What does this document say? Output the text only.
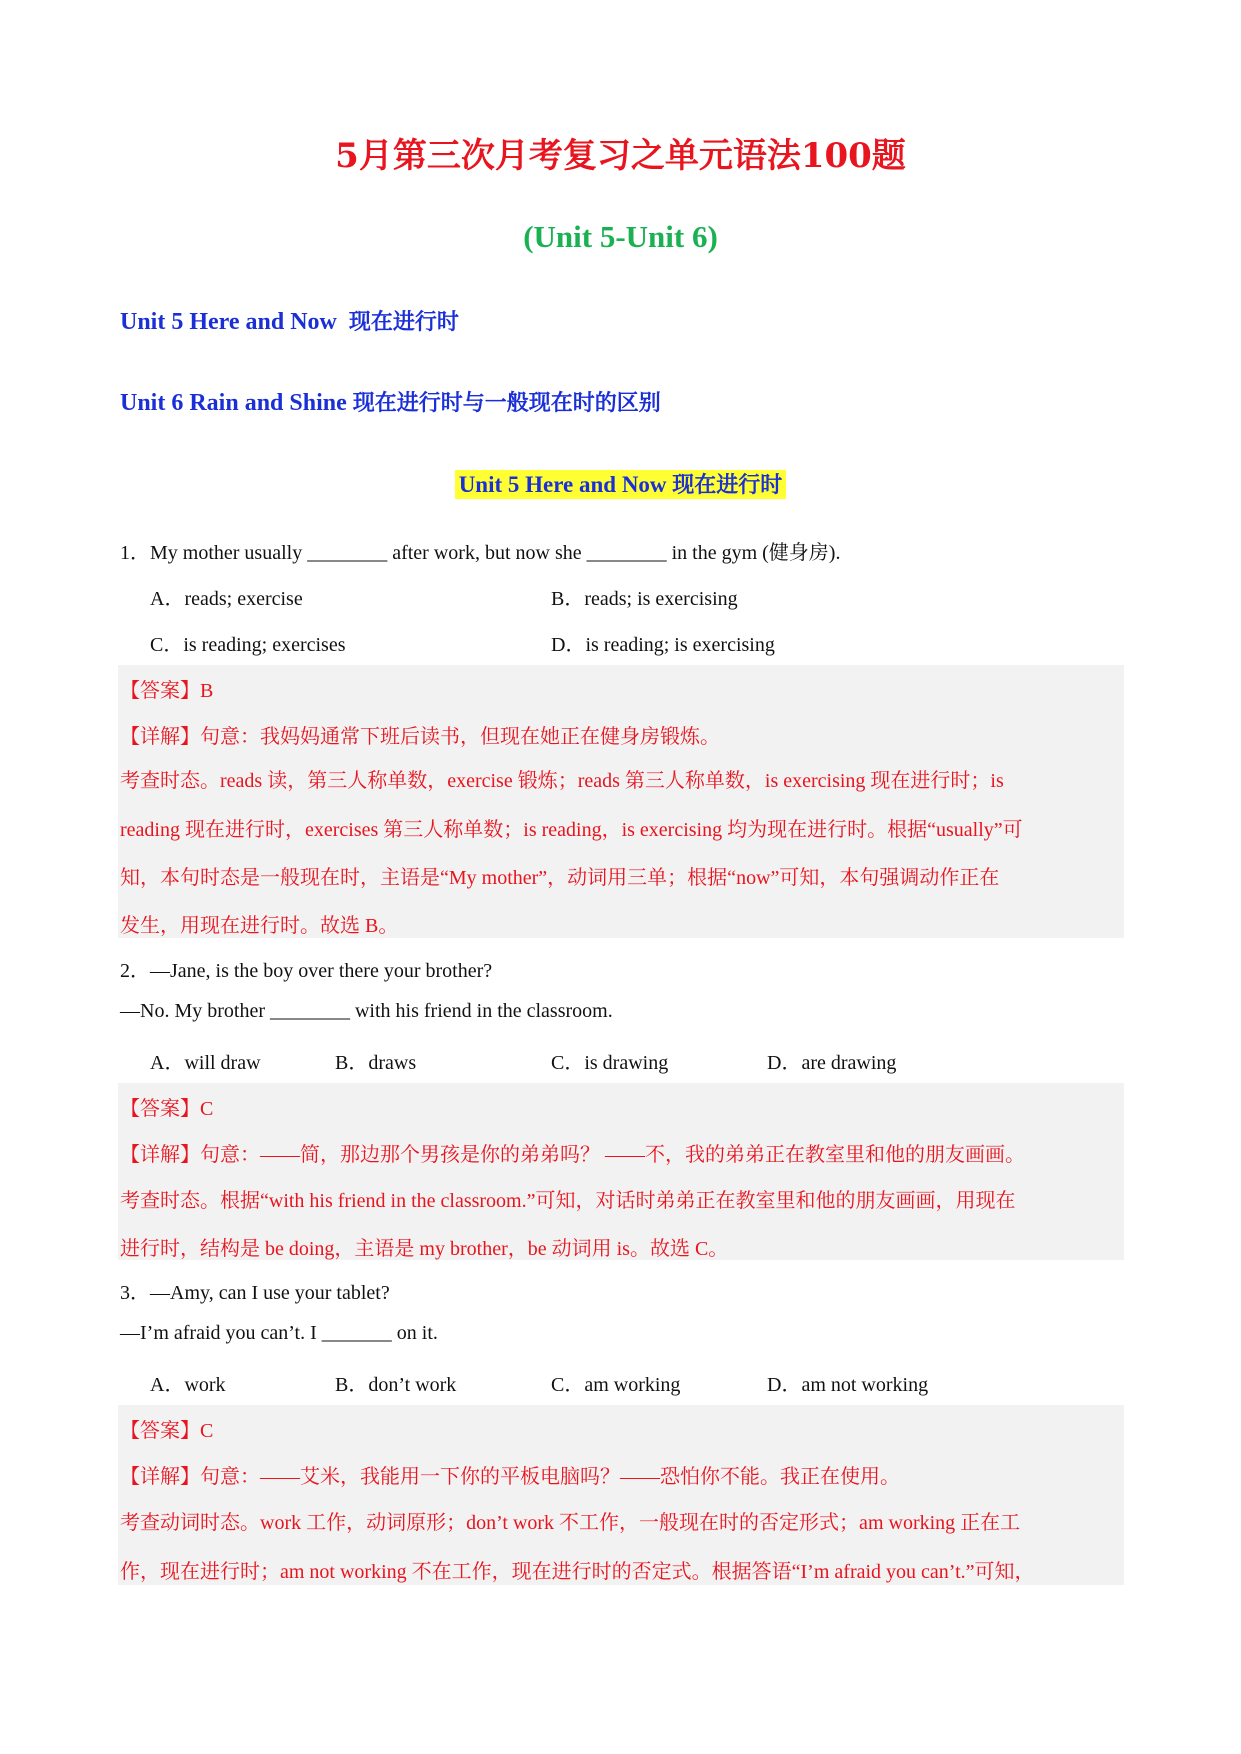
5月第三次月考复习之单元语法100题
(Unit 5-Unit 6)
Unit 5 Here and Now 现在进行时
Unit 6 Rain and Shine 现在进行时与一般现在时的区别
Unit 5 Here and Now 现在进行时
1．My mother usually ________ after work, but now she ________ in the gym (健身房).
A．reads; exercise	B．reads; is exercising
C．is reading; exercises	D．is reading; is exercising
【答案】B
【详解】句意：我妈妈通常下班后读书，但现在她正在健身房锻炼。
考查时态。reads 读，第三人称单数，exercise 锻炼；reads 第三人称单数，is exercising 现在进行时；is
reading 现在进行时，exercises 第三人称单数；is reading，is exercising 均为现在进行时。根据“usually”可
知，本句时态是一般现在时，主语是“My mother”，动词用三单；根据“now”可知，本句强调动作正在
发生，用现在进行时。故选 B。
2．—Jane, is the boy over there your brother?
—No. My brother ________ with his friend in the classroom.
A．will draw	B．draws	C．is drawing	D．are drawing
【答案】C
【详解】句意：——简，那边那个男孩是你的弟弟吗？ ——不，我的弟弟正在教室里和他的朋友画画。
考查时态。根据“with his friend in the classroom.”可知，对话时弟弟正在教室里和他的朋友画画，用现在
进行时，结构是 be doing，主语是 my brother，be 动词用 is。故选 C。
3．—Amy, can I use your tablet?
—I’m afraid you can’t. I _______ on it.
A．work	B．don’t work	C．am working	D．am not working
【答案】C
【详解】句意：——艾米，我能用一下你的平板电脑吗？——恐怕你不能。我正在使用。
考查动词时态。work 工作，动词原形；don’t work 不工作，一般现在时的否定形式；am working 正在工
作，现在进行时；am not working 不在工作，现在进行时的否定式。根据答语“I’m afraid you can’t.”可知，
